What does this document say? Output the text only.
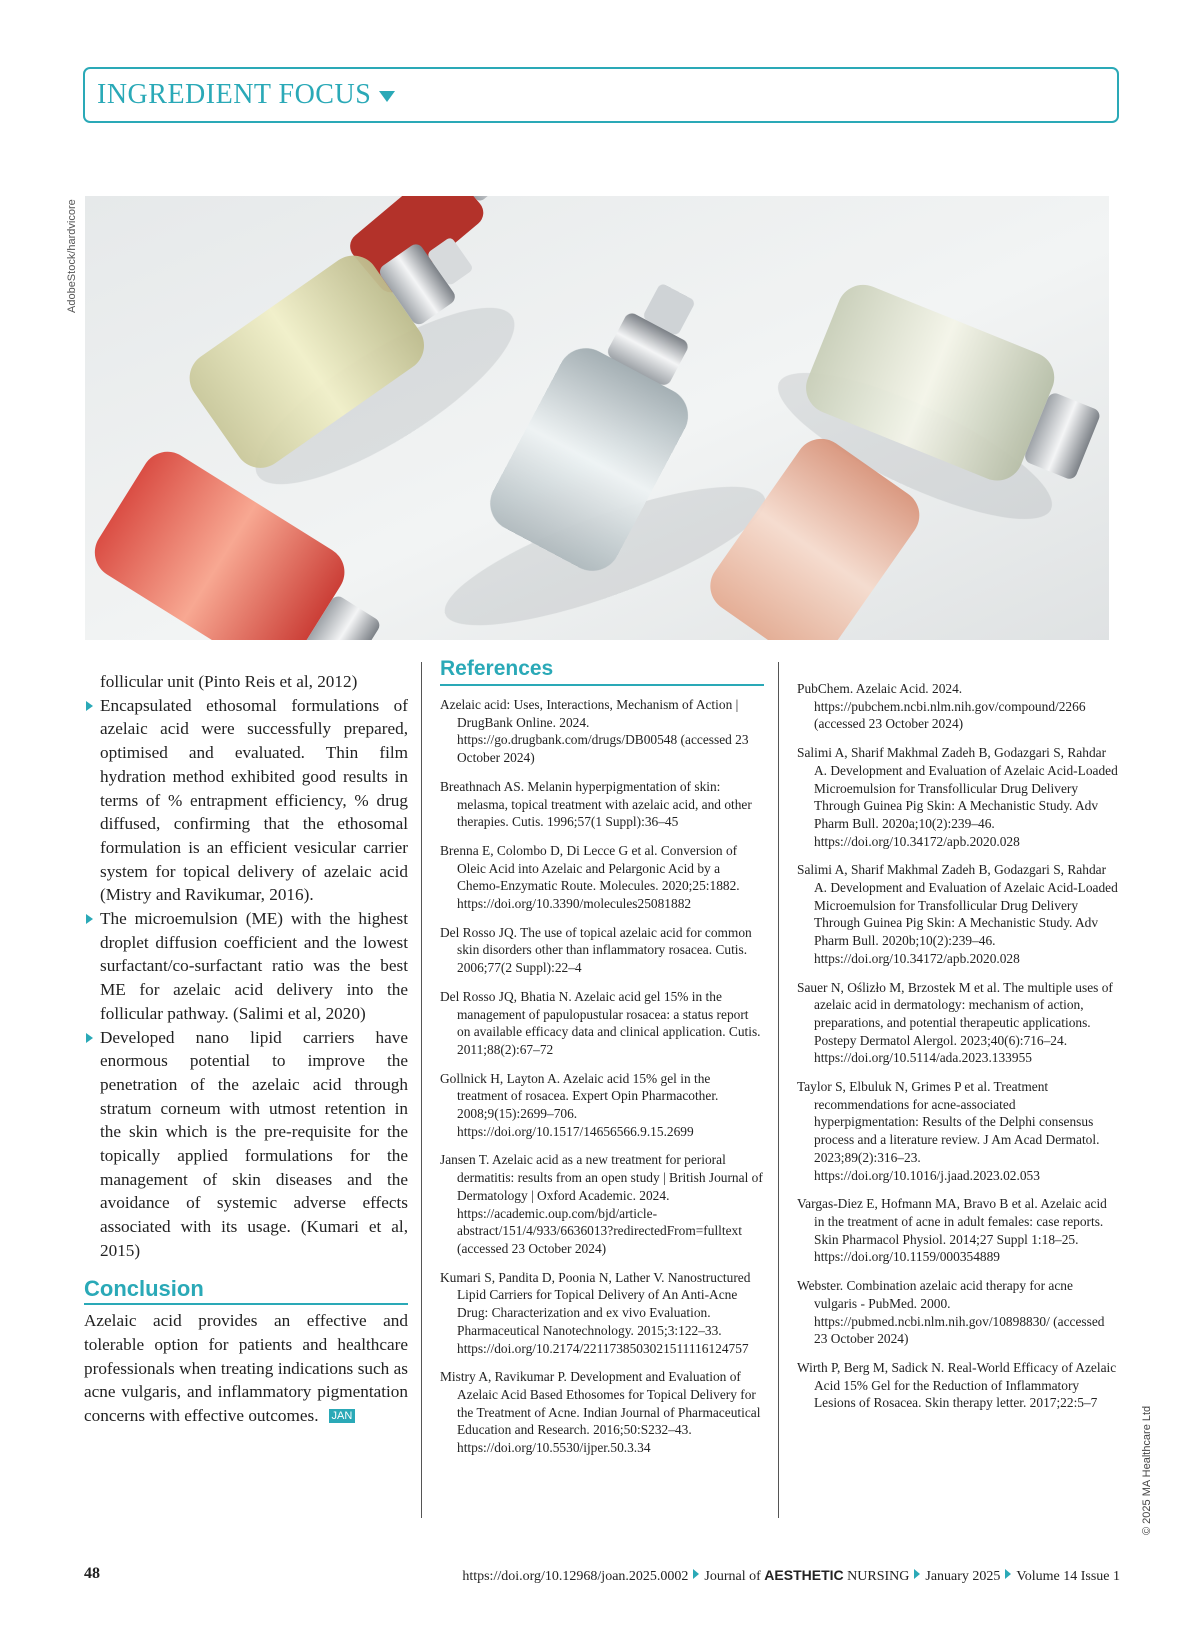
INGREDIENT FOCUS
AdobeStock/hardvicore

follicular unit (Pinto Reis et al, 2012)

Encapsulated ethosomal formulations of azelaic acid were successfully prepared, optimised and evaluated. Thin film hydration method exhibited good results in terms of % entrapment efficiency, % drug diffused, confirming that the ethosomal formulation is an efficient vesicular carrier system for topical delivery of azelaic acid (Mistry and Ravikumar, 2016).

The microemulsion (ME) with the highest droplet diffusion coefficient and the lowest surfactant/co-surfactant ratio was the best ME for azelaic acid delivery into the follicular pathway. (Salimi et al, 2020)

Developed nano lipid carriers have enormous potential to improve the penetration of the azelaic acid through stratum corneum with utmost retention in the skin which is the pre-requisite for the topically applied formulations for the management of skin diseases and the avoidance of systemic adverse effects associated with its usage. (Kumari et al, 2015)

Conclusion

Azelaic acid provides an effective and tolerable option for patients and healthcare professionals when treating indications such as acne vulgaris, and inflammatory pigmentation concerns with effective outcomes. JAN

References

Azelaic acid: Uses, Interactions, Mechanism of Action | DrugBank Online. 2024. https://go.drugbank.com/drugs/DB00548 (accessed 23 October 2024)

Breathnach AS. Melanin hyperpigmentation of skin: melasma, topical treatment with azelaic acid, and other therapies. Cutis. 1996;57(1 Suppl):36–45

Brenna E, Colombo D, Di Lecce G et al. Conversion of Oleic Acid into Azelaic and Pelargonic Acid by a Chemo-Enzymatic Route. Molecules. 2020;25:1882. https://doi.org/10.3390/molecules25081882

Del Rosso JQ. The use of topical azelaic acid for common skin disorders other than inflammatory rosacea. Cutis. 2006;77(2 Suppl):22–4

Del Rosso JQ, Bhatia N. Azelaic acid gel 15% in the management of papulopustular rosacea: a status report on available efficacy data and clinical application. Cutis. 2011;88(2):67–72

Gollnick H, Layton A. Azelaic acid 15% gel in the treatment of rosacea. Expert Opin Pharmacother. 2008;9(15):2699–706. https://doi.org/10.1517/14656566.9.15.2699

Jansen T. Azelaic acid as a new treatment for perioral dermatitis: results from an open study | British Journal of Dermatology | Oxford Academic. 2024. https://academic.oup.com/bjd/article-abstract/151/4/933/6636013?redirectedFrom=fulltext (accessed 23 October 2024)

Kumari S, Pandita D, Poonia N, Lather V. Nanostructured Lipid Carriers for Topical Delivery of An Anti-Acne Drug: Characterization and ex vivo Evaluation. Pharmaceutical Nanotechnology. 2015;3:122–33. https://doi.org/10.2174/2211738503021511116124757

Mistry A, Ravikumar P. Development and Evaluation of Azelaic Acid Based Ethosomes for Topical Delivery for the Treatment of Acne. Indian Journal of Pharmaceutical Education and Research. 2016;50:S232–43. https://doi.org/10.5530/ijper.50.3.34

PubChem. Azelaic Acid. 2024. https://pubchem.ncbi.nlm.nih.gov/compound/2266 (accessed 23 October 2024)

Salimi A, Sharif Makhmal Zadeh B, Godazgari S, Rahdar A. Development and Evaluation of Azelaic Acid-Loaded Microemulsion for Transfollicular Drug Delivery Through Guinea Pig Skin: A Mechanistic Study. Adv Pharm Bull. 2020a;10(2):239–46. https://doi.org/10.34172/apb.2020.028

Salimi A, Sharif Makhmal Zadeh B, Godazgari S, Rahdar A. Development and Evaluation of Azelaic Acid-Loaded Microemulsion for Transfollicular Drug Delivery Through Guinea Pig Skin: A Mechanistic Study. Adv Pharm Bull. 2020b;10(2):239–46. https://doi.org/10.34172/apb.2020.028

Sauer N, Oślizło M, Brzostek M et al. The multiple uses of azelaic acid in dermatology: mechanism of action, preparations, and potential therapeutic applications. Postepy Dermatol Alergol. 2023;40(6):716–24. https://doi.org/10.5114/ada.2023.133955

Taylor S, Elbuluk N, Grimes P et al. Treatment recommendations for acne-associated hyperpigmentation: Results of the Delphi consensus process and a literature review. J Am Acad Dermatol. 2023;89(2):316–23. https://doi.org/10.1016/j.jaad.2023.02.053

Vargas-Diez E, Hofmann MA, Bravo B et al. Azelaic acid in the treatment of acne in adult females: case reports. Skin Pharmacol Physiol. 2014;27 Suppl 1:18–25. https://doi.org/10.1159/000354889

Webster. Combination azelaic acid therapy for acne vulgaris - PubMed. 2000. https://pubmed.ncbi.nlm.nih.gov/10898830/ (accessed 23 October 2024)

Wirth P, Berg M, Sadick N. Real-World Efficacy of Azelaic Acid 15% Gel for the Reduction of Inflammatory Lesions of Rosacea. Skin therapy letter. 2017;22:5–7

© 2025 MA Healthcare Ltd
48	https://doi.org/10.12968/joan.2025.0002 Journal of AESTHETIC NURSING January 2025 Volume 14 Issue 1
